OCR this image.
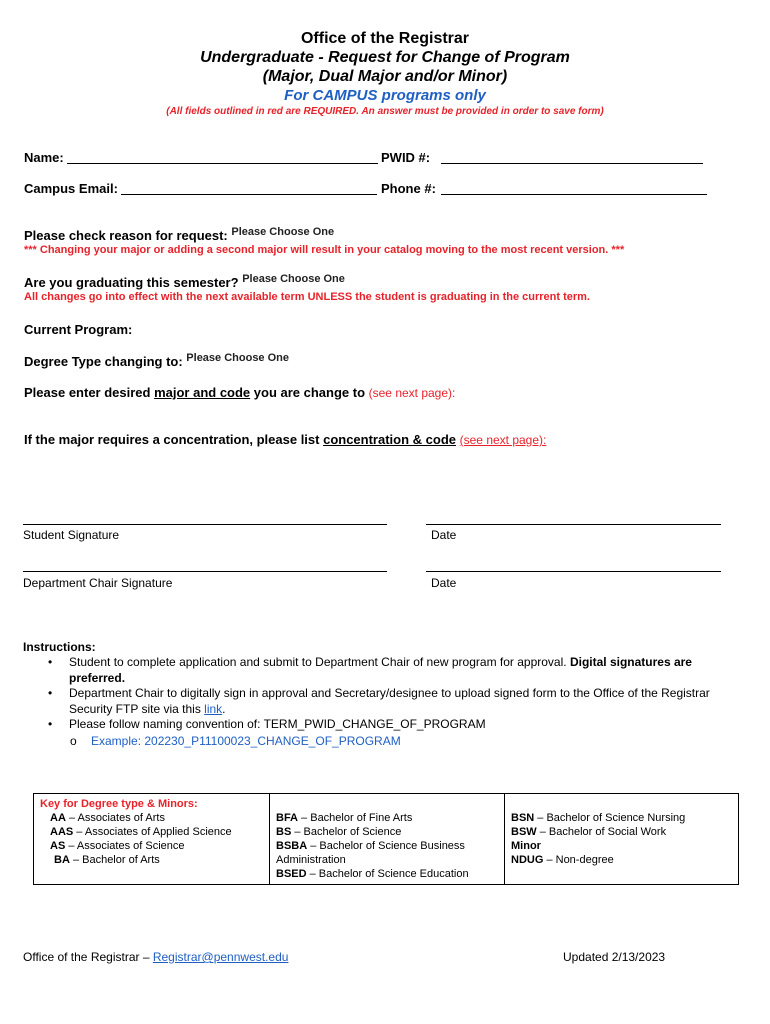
Office of the Registrar
Undergraduate - Request for Change of Program
(Major, Dual Major and/or Minor)
For CAMPUS programs only
(All fields outlined in red are REQUIRED. An answer must be provided in order to save form)
Name:	PWID #:
Campus Email:	Phone #:
Please check reason for request: $^{Please Choose One}$
*** Changing your major or adding a second major will result in your catalog moving to the most recent version. ***
Are you graduating this semester? $^{Please Choose One}$
All changes go into effect with the next available term UNLESS the student is graduating in the current term.
Current Program:
Degree Type changing to: $^{Please Choose One}$
Please enter desired major and code you are change to (see next page):
If the major requires a concentration, please list concentration & code (see next page):
Student Signature	Date
Department Chair Signature	Date
Instructions:
• Student to complete application and submit to Department Chair of new program for approval. Digital signatures are preferred.
• Department Chair to digitally sign in approval and Secretary/designee to upload signed form to the Office of the Registrar Security FTP site via this link.
• Please follow naming convention of: TERM_PWID_CHANGE_OF_PROGRAM
o Example: 202230_P11100023_CHANGE_OF_PROGRAM
Key for Degree type & Minors:
AA – Associates of Arts
AAS – Associates of Applied Science
AS – Associates of Science
BA – Bachelor of Arts

BFA – Bachelor of Fine Arts
BS – Bachelor of Science
BSBA – Bachelor of Science Business Administration
BSED – Bachelor of Science Education

BSN – Bachelor of Science Nursing
BSW – Bachelor of Social Work
Minor
NDUG – Non-degree
Office of the Registrar – Registrar@pennwest.edu	Updated 2/13/2023
